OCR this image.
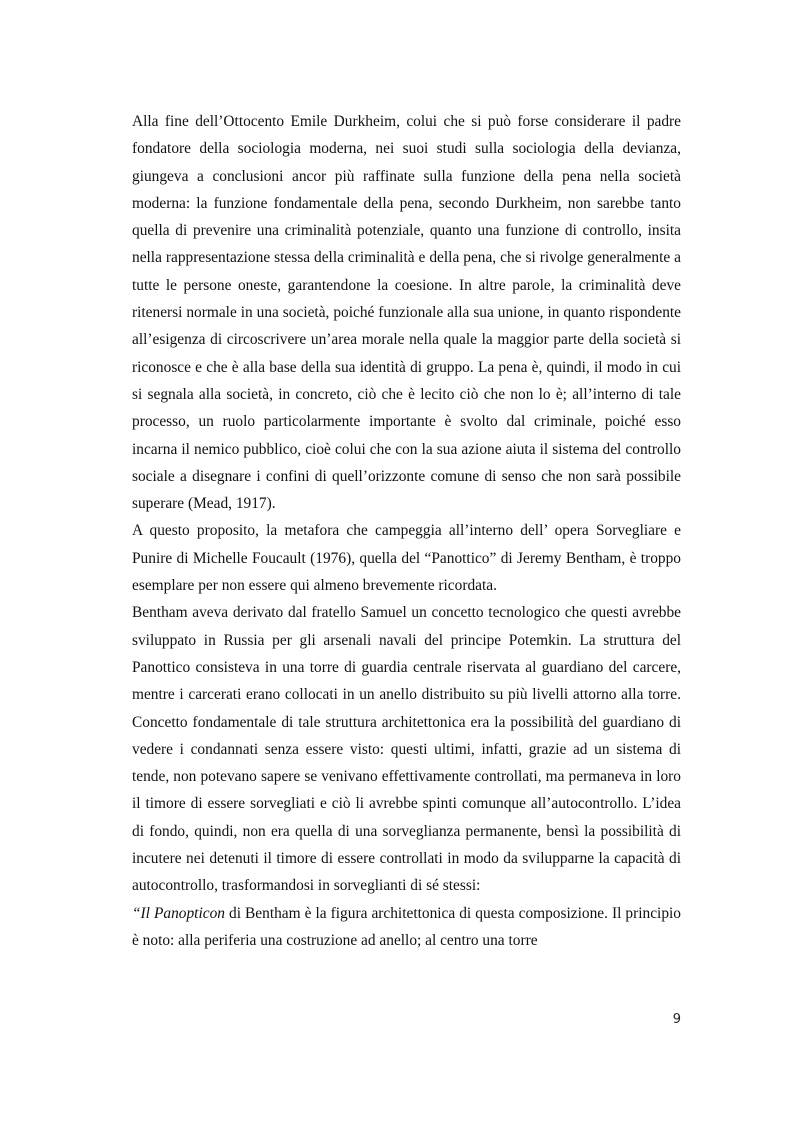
Alla fine dell’Ottocento Emile Durkheim, colui che si può forse considerare il padre fondatore della sociologia moderna, nei suoi studi sulla sociologia della devianza, giungeva a conclusioni ancor più raffinate sulla funzione della pena nella società moderna: la funzione fondamentale della pena, secondo Durkheim, non sarebbe tanto quella di prevenire una criminalità potenziale, quanto una funzione di controllo, insita nella rappresentazione stessa della criminalità e della pena, che si rivolge generalmente a tutte le persone oneste, garantendone la coesione. In altre parole, la criminalità deve ritenersi normale in una società, poiché funzionale alla sua unione, in quanto rispondente all’esigenza di circoscrivere un’area morale nella quale la maggior parte della società si riconosce e che è alla base della sua identità di gruppo. La pena è, quindi, il modo in cui si segnala alla società, in concreto, ciò che è lecito ciò che non lo è; all’interno di tale processo, un ruolo particolarmente importante è svolto dal criminale, poiché esso incarna il nemico pubblico, cioè colui che con la sua azione aiuta il sistema del controllo sociale a disegnare i confini di quell’orizzonte comune di senso che non sarà possibile superare (Mead, 1917).

A questo proposito, la metafora che campeggia all’interno dell’ opera Sorvegliare e Punire di Michelle Foucault (1976), quella del “Panottico” di Jeremy Bentham, è troppo esemplare per non essere qui almeno brevemente ricordata.

Bentham aveva derivato dal fratello Samuel un concetto tecnologico che questi avrebbe sviluppato in Russia per gli arsenali navali del principe Potemkin. La struttura del Panottico consisteva in una torre di guardia centrale riservata al guardiano del carcere, mentre i carcerati erano collocati in un anello distribuito su più livelli attorno alla torre. Concetto fondamentale di tale struttura architettonica era la possibilità del guardiano di vedere i condannati senza essere visto: questi ultimi, infatti, grazie ad un sistema di tende, non potevano sapere se venivano effettivamente controllati, ma permaneva in loro il timore di essere sorvegliati e ciò li avrebbe spinti comunque all’autocontrollo. L’idea di fondo, quindi, non era quella di una sorveglianza permanente, bensì la possibilità di incutere nei detenuti il timore di essere controllati in modo da svilupparne la capacità di autocontrollo, trasformandosi in sorveglianti di sé stessi:

“Il Panopticon di Bentham è la figura architettonica di questa composizione. Il principio è noto: alla periferia una costruzione ad anello; al centro una torre

9
